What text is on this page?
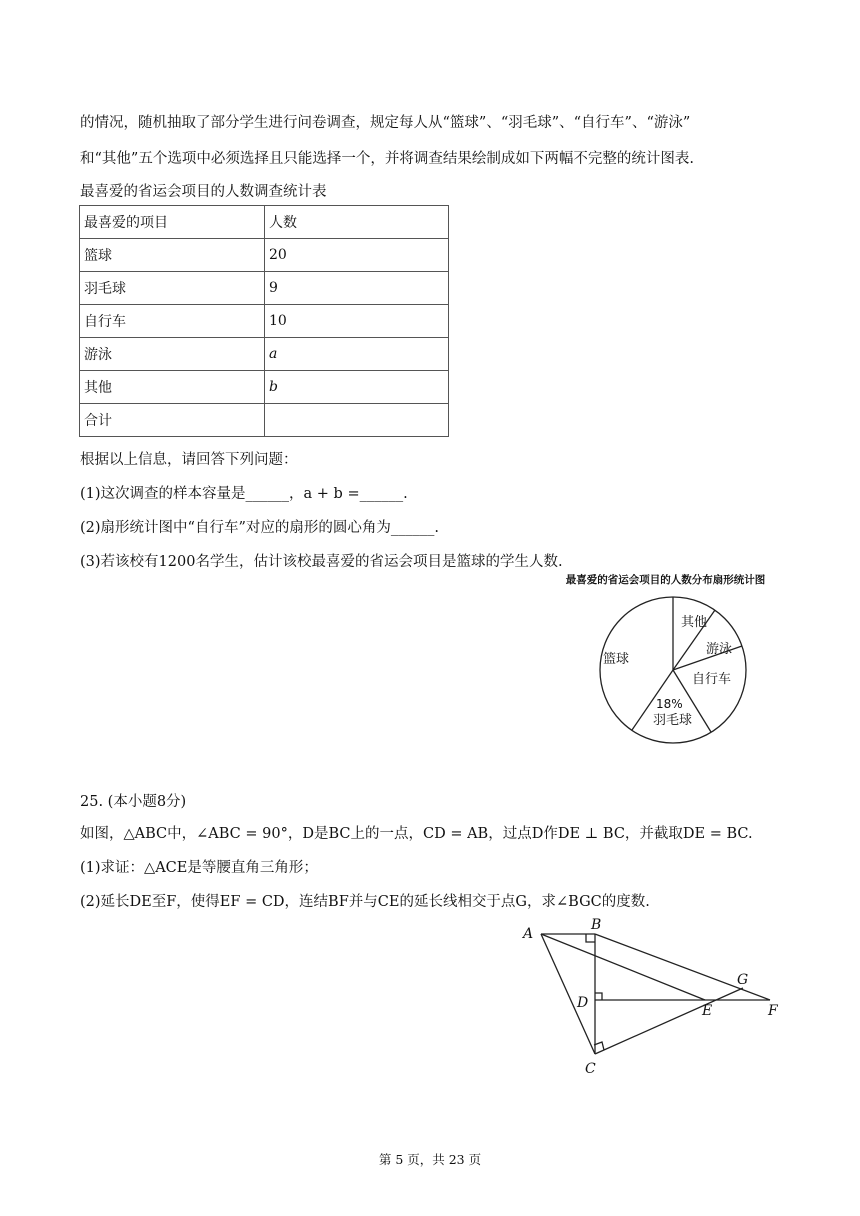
的情况，随机抽取了部分学生进行问卷调查，规定每人从“篮球”、“羽毛球”、“自行车”、“游泳”
和“其他”五个选项中必须选择且只能选择一个，并将调查结果绘制成如下两幅不完整的统计图表.
最喜爱的省运会项目的人数调查统计表
最喜爱的项目	人数
篮球	20
羽毛球	9
自行车	10
游泳	a
其他	b
合计	
根据以上信息，请回答下列问题：
(1)这次调查的样本容量是______，a + b =______.
(2)扇形统计图中“自行车”对应的扇形的圆心角为______.
(3)若该校有1200名学生，估计该校最喜爱的省运会项目是篮球的学生人数.
最喜爱的省运会项目的人数分布扇形统计图
篮球
18%
羽毛球
自行车
游泳
其他
25. (本小题8分)
如图，△ABC中，∠ABC = 90°，D是BC上的一点，CD = AB，过点D作DE ⊥ BC，并截取DE = BC.
(1)求证：△ACE是等腰直角三角形；
(2)延长DE至F，使得EF = CD，连结BF并与CE的延长线相交于点G，求∠BGC的度数.
A
B
C
D	E	F
G
第 5 页，共 23 页
